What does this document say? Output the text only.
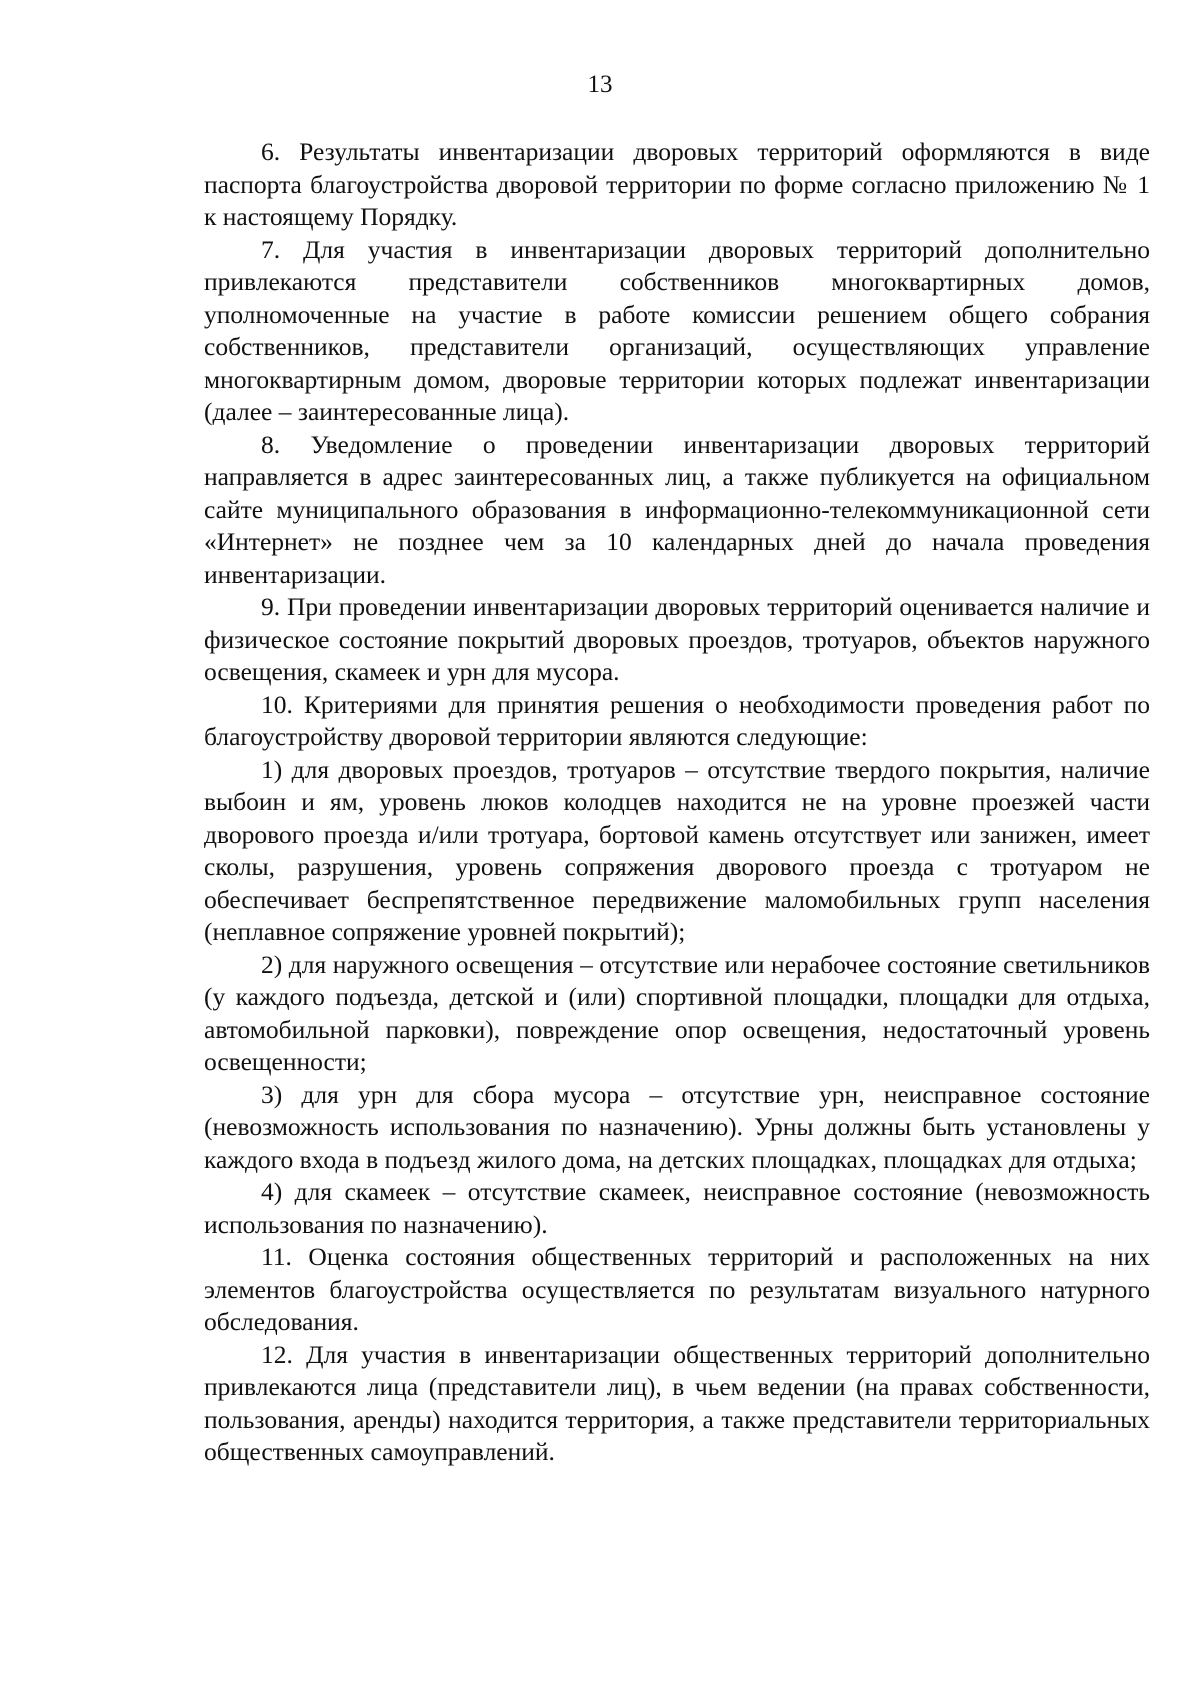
13

6. Результаты инвентаризации дворовых территорий оформляются в виде паспорта благоустройства дворовой территории по форме согласно приложению № 1 к настоящему Порядку.

7. Для участия в инвентаризации дворовых территорий дополнительно привлекаются представители собственников многоквартирных домов, уполномоченные на участие в работе комиссии решением общего собрания собственников, представители организаций, осуществляющих управление многоквартирным домом, дворовые территории которых подлежат инвентаризации (далее – заинтересованные лица).

8. Уведомление о проведении инвентаризации дворовых территорий направляется в адрес заинтересованных лиц, а также публикуется на официальном сайте муниципального образования в информационно-телекоммуникационной сети «Интернет» не позднее чем за 10 календарных дней до начала проведения инвентаризации.

9. При проведении инвентаризации дворовых территорий оценивается наличие и физическое состояние покрытий дворовых проездов, тротуаров, объектов наружного освещения, скамеек и урн для мусора.

10. Критериями для принятия решения о необходимости проведения работ по благоустройству дворовой территории являются следующие:

1) для дворовых проездов, тротуаров – отсутствие твердого покрытия, наличие выбоин и ям, уровень люков колодцев находится не на уровне проезжей части дворового проезда и/или тротуара, бортовой камень отсутствует или занижен, имеет сколы, разрушения, уровень сопряжения дворового проезда с тротуаром не обеспечивает беспрепятственное передвижение маломобильных групп населения (неплавное сопряжение уровней покрытий);

2) для наружного освещения – отсутствие или нерабочее состояние светильников (у каждого подъезда, детской и (или) спортивной площадки, площадки для отдыха, автомобильной парковки), повреждение опор освещения, недостаточный уровень освещенности;

3) для урн для сбора мусора – отсутствие урн, неисправное состояние (невозможность использования по назначению). Урны должны быть установлены у каждого входа в подъезд жилого дома, на детских площадках, площадках для отдыха;

4) для скамеек – отсутствие скамеек, неисправное состояние (невозможность использования по назначению).

11. Оценка состояния общественных территорий и расположенных на них элементов благоустройства осуществляется по результатам визуального натурного обследования.

12. Для участия в инвентаризации общественных территорий дополнительно привлекаются лица (представители лиц), в чьем ведении (на правах собственности, пользования, аренды) находится территория, а также представители территориальных общественных самоуправлений.
